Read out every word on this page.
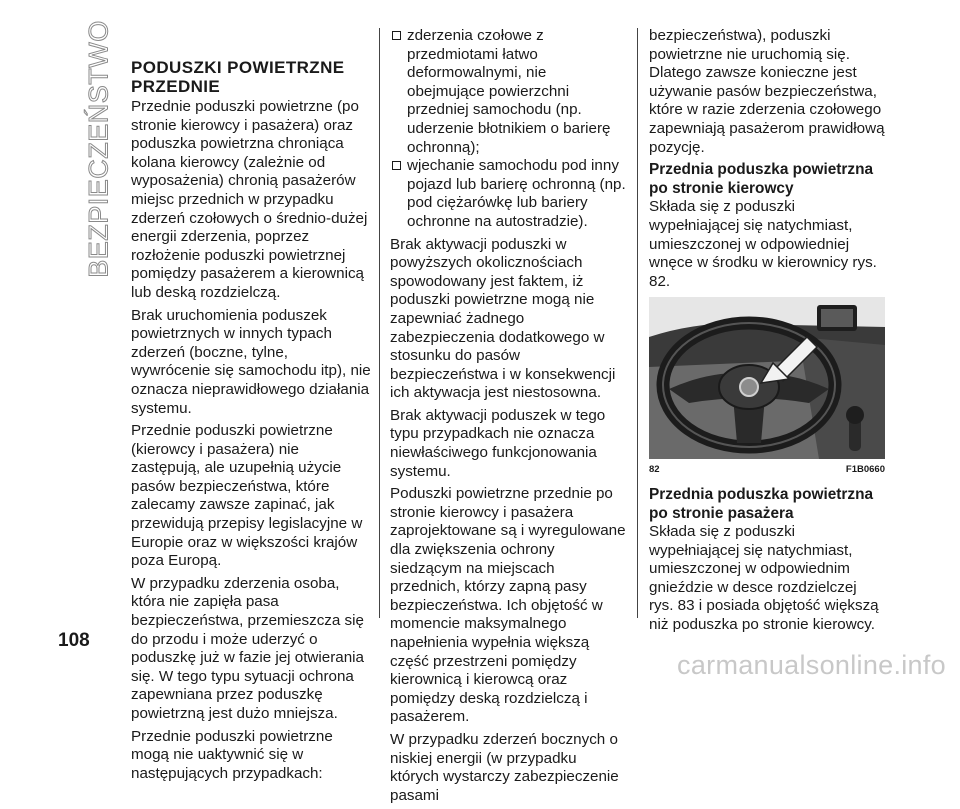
BEZPIECZEŃSTWO PODUSZKI POWIETRZNE PRZEDNIE

Przednie poduszki powietrzne (po stronie kierowcy i pasażera) oraz poduszka powietrzna chroniąca kolana kierowcy (zależnie od wyposażenia) chronią pasażerów miejsc przednich w przypadku zderzeń czołowych o średnio-dużej energii zderzenia, poprzez rozłożenie poduszki powietrznej pomiędzy pasażerem a kierownicą lub deską rozdzielczą.

Brak uruchomienia poduszek powietrznych w innych typach zderzeń (boczne, tylne, wywrócenie się samochodu itp), nie oznacza nieprawidłowego działania systemu.

Przednie poduszki powietrzne (kierowcy i pasażera) nie zastępują, ale uzupełnią użycie pasów bezpieczeństwa, które zalecamy zawsze zapinać, jak przewidują przepisy legislacyjne w Europie oraz w większości krajów poza Europą.

W przypadku zderzenia osoba, która nie zapięła pasa bezpieczeństwa, przemieszcza się do przodu i może uderzyć o poduszkę już w fazie jej otwierania się. W tego typu sytuacji ochrona zapewniana przez poduszkę powietrzną jest dużo mniejsza.

Przednie poduszki powietrzne mogą nie uaktywnić się w następujących przypadkach:

zderzenia czołowe z przedmiotami łatwo deformowalnymi, nie obejmujące powierzchni przedniej samochodu (np. uderzenie błotnikiem o barierę ochronną);
wjechanie samochodu pod inny pojazd lub barierę ochronną (np. pod ciężarówkę lub bariery ochronne na autostradzie).

Brak aktywacji poduszki w powyższych okolicznościach spowodowany jest faktem, iż poduszki powietrzne mogą nie zapewniać żadnego zabezpieczenia dodatkowego w stosunku do pasów bezpieczeństwa i w konsekwencji ich aktywacja jest niestosowna.

Brak aktywacji poduszek w tego typu przypadkach nie oznacza niewłaściwego funkcjonowania systemu.

Poduszki powietrzne przednie po stronie kierowcy i pasażera zaprojektowane są i wyregulowane dla zwiększenia ochrony siedzącym na miejscach przednich, którzy zapną pasy bezpieczeństwa. Ich objętość w momencie maksymalnego napełnienia wypełnia większą część przestrzeni pomiędzy kierownicą i kierowcą oraz pomiędzy deską rozdzielczą i pasażerem.

W przypadku zderzeń bocznych o niskiej energii (w przypadku których wystarczy zabezpieczenie pasami

bezpieczeństwa), poduszki powietrzne nie uruchomią się. Dlatego zawsze konieczne jest używanie pasów bezpieczeństwa, które w razie zderzenia czołowego zapewniają pasażerom prawidłową pozycję.

Przednia poduszka powietrzna po stronie kierowcy

Składa się z poduszki wypełniającej się natychmiast, umieszczonej w odpowiedniej wnęce w środku w kierownicy rys. 82.

82	F1B0660
Przednia poduszka powietrzna po stronie pasażera

Składa się z poduszki wypełniającej się natychmiast, umieszczonej w odpowiednim gnieździe w desce rozdzielczej rys. 83 i posiada objętość większą niż poduszka po stronie kierowcy.

108
carmanualsonline.info
